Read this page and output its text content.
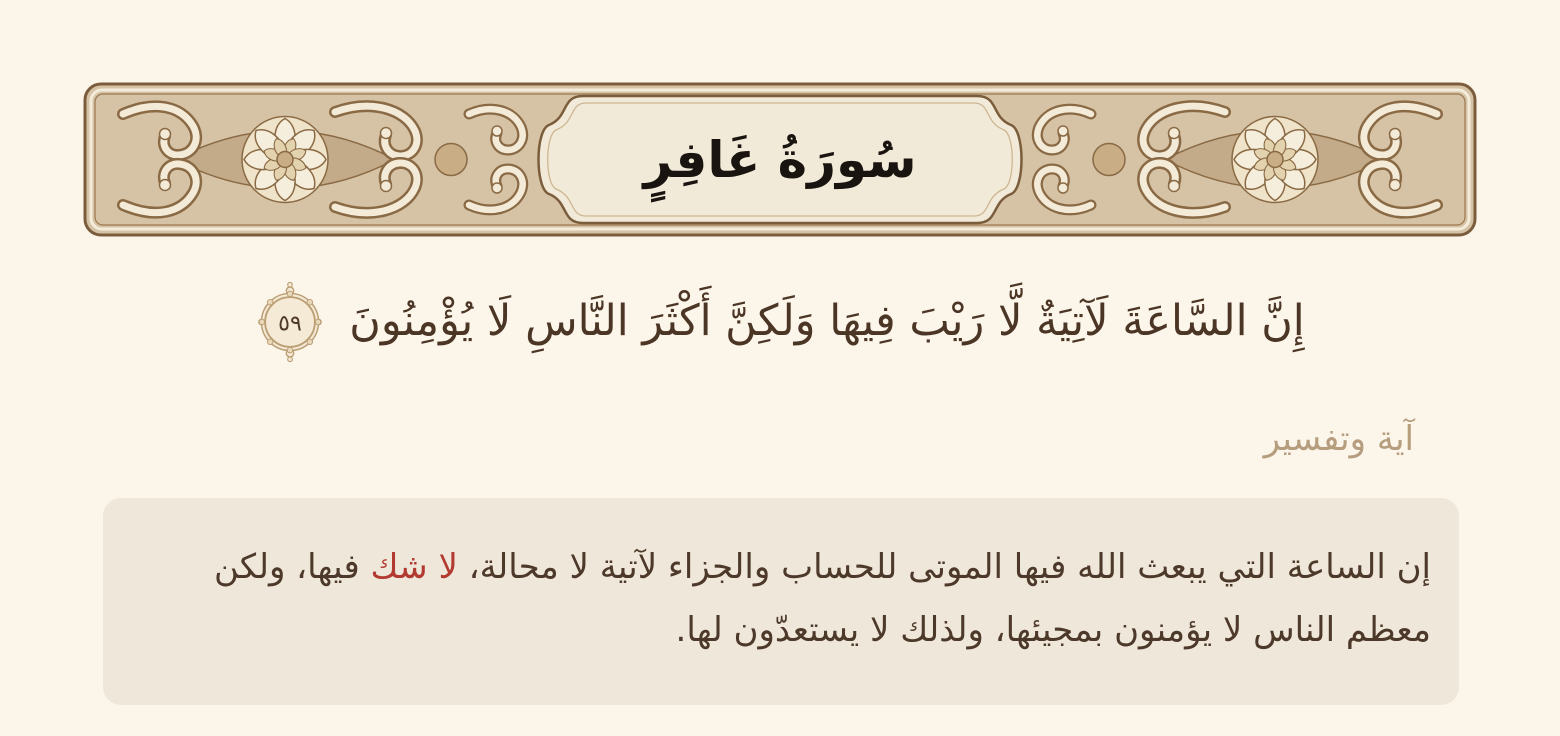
سُورَةُ غَافِرٍ
إِنَّ السَّاعَةَ لَآتِيَةٌ لَّا رَيْبَ فِيهَا وَلَكِنَّ أَكْثَرَ النَّاسِ لَا يُؤْمِنُونَ
٥٩
آية وتفسير

إن الساعة التي يبعث الله فيها الموتى للحساب والجزاء لآتية لا محالة، لا شك فيها، ولكن معظم الناس لا يؤمنون بمجيئها، ولذلك لا يستعدّون لها.
